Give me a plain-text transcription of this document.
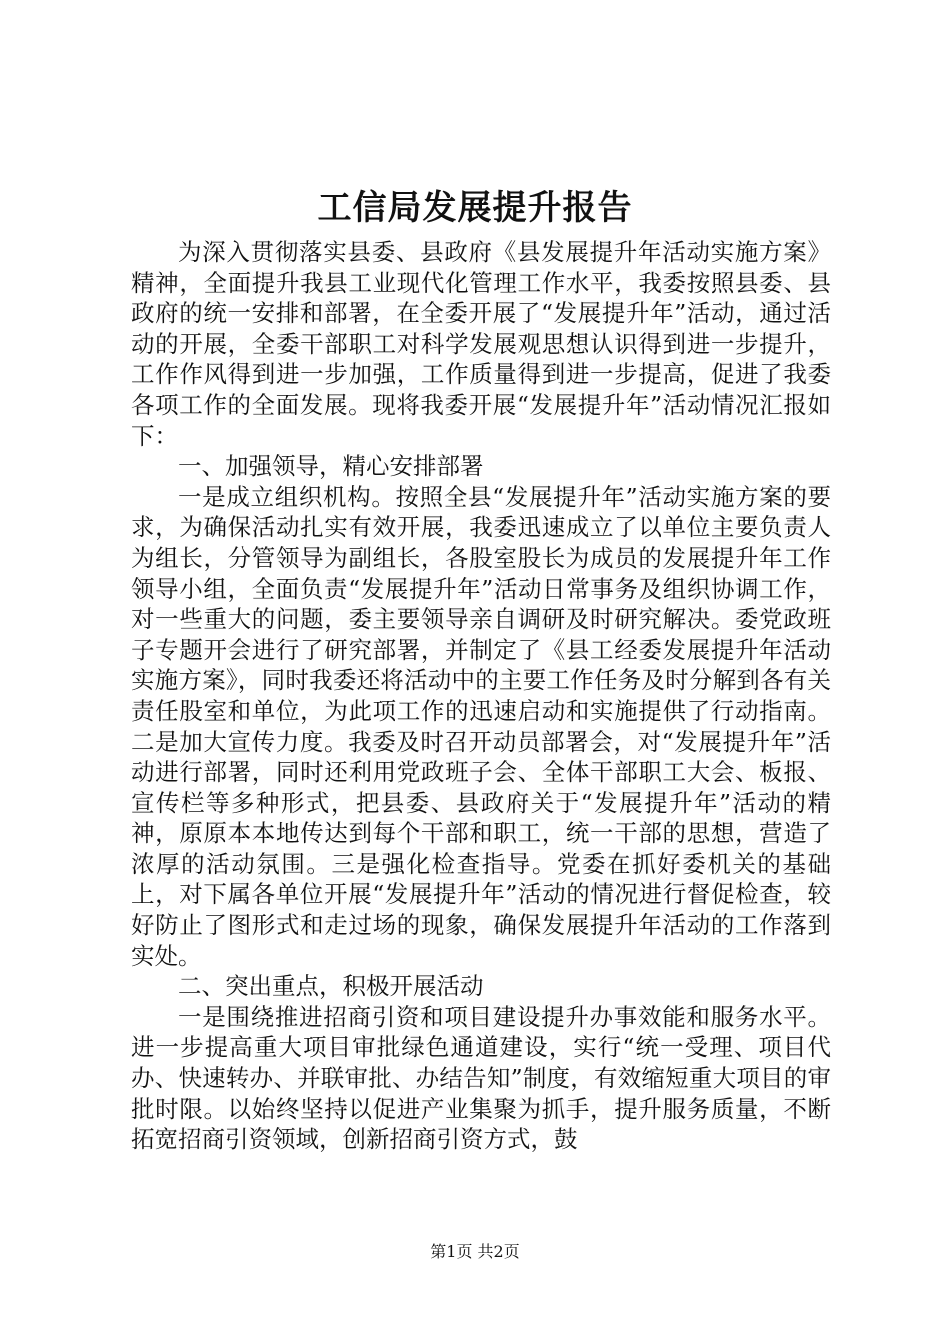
工信局发展提升报告

为深入贯彻落实县委、县政府《县发展提升年活动实施方案》精神，全面提升我县工业现代化管理工作水平，我委按照县委、县政府的统一安排和部署，在全委开展了“发展提升年”活动，通过活动的开展，全委干部职工对科学发展观思想认识得到进一步提升，工作作风得到进一步加强，工作质量得到进一步提高，促进了我委各项工作的全面发展。现将我委开展“发展提升年”活动情况汇报如下：

一、加强领导，精心安排部署

一是成立组织机构。按照全县“发展提升年”活动实施方案的要求，为确保活动扎实有效开展，我委迅速成立了以单位主要负责人为组长，分管领导为副组长，各股室股长为成员的发展提升年工作领导小组，全面负责“发展提升年”活动日常事务及组织协调工作，对一些重大的问题，委主要领导亲自调研及时研究解决。委党政班子专题开会进行了研究部署，并制定了《县工经委发展提升年活动实施方案》，同时我委还将活动中的主要工作任务及时分解到各有关责任股室和单位，为此项工作的迅速启动和实施提供了行动指南。二是加大宣传力度。我委及时召开动员部署会，对“发展提升年”活动进行部署，同时还利用党政班子会、全体干部职工大会、板报、宣传栏等多种形式，把县委、县政府关于“发展提升年”活动的精神，原原本本地传达到每个干部和职工，统一干部的思想，营造了浓厚的活动氛围。三是强化检查指导。党委在抓好委机关的基础上，对下属各单位开展“发展提升年”活动的情况进行督促检查，较好防止了图形式和走过场的现象，确保发展提升年活动的工作落到实处。

二、突出重点，积极开展活动

一是围绕推进招商引资和项目建设提升办事效能和服务水平。进一步提高重大项目审批绿色通道建设，实行“统一受理、项目代办、快速转办、并联审批、办结告知”制度，有效缩短重大项目的审批时限。以始终坚持以促进产业集聚为抓手，提升服务质量，不断拓宽招商引资领域，创新招商引资方式，鼓

第1页 共2页
